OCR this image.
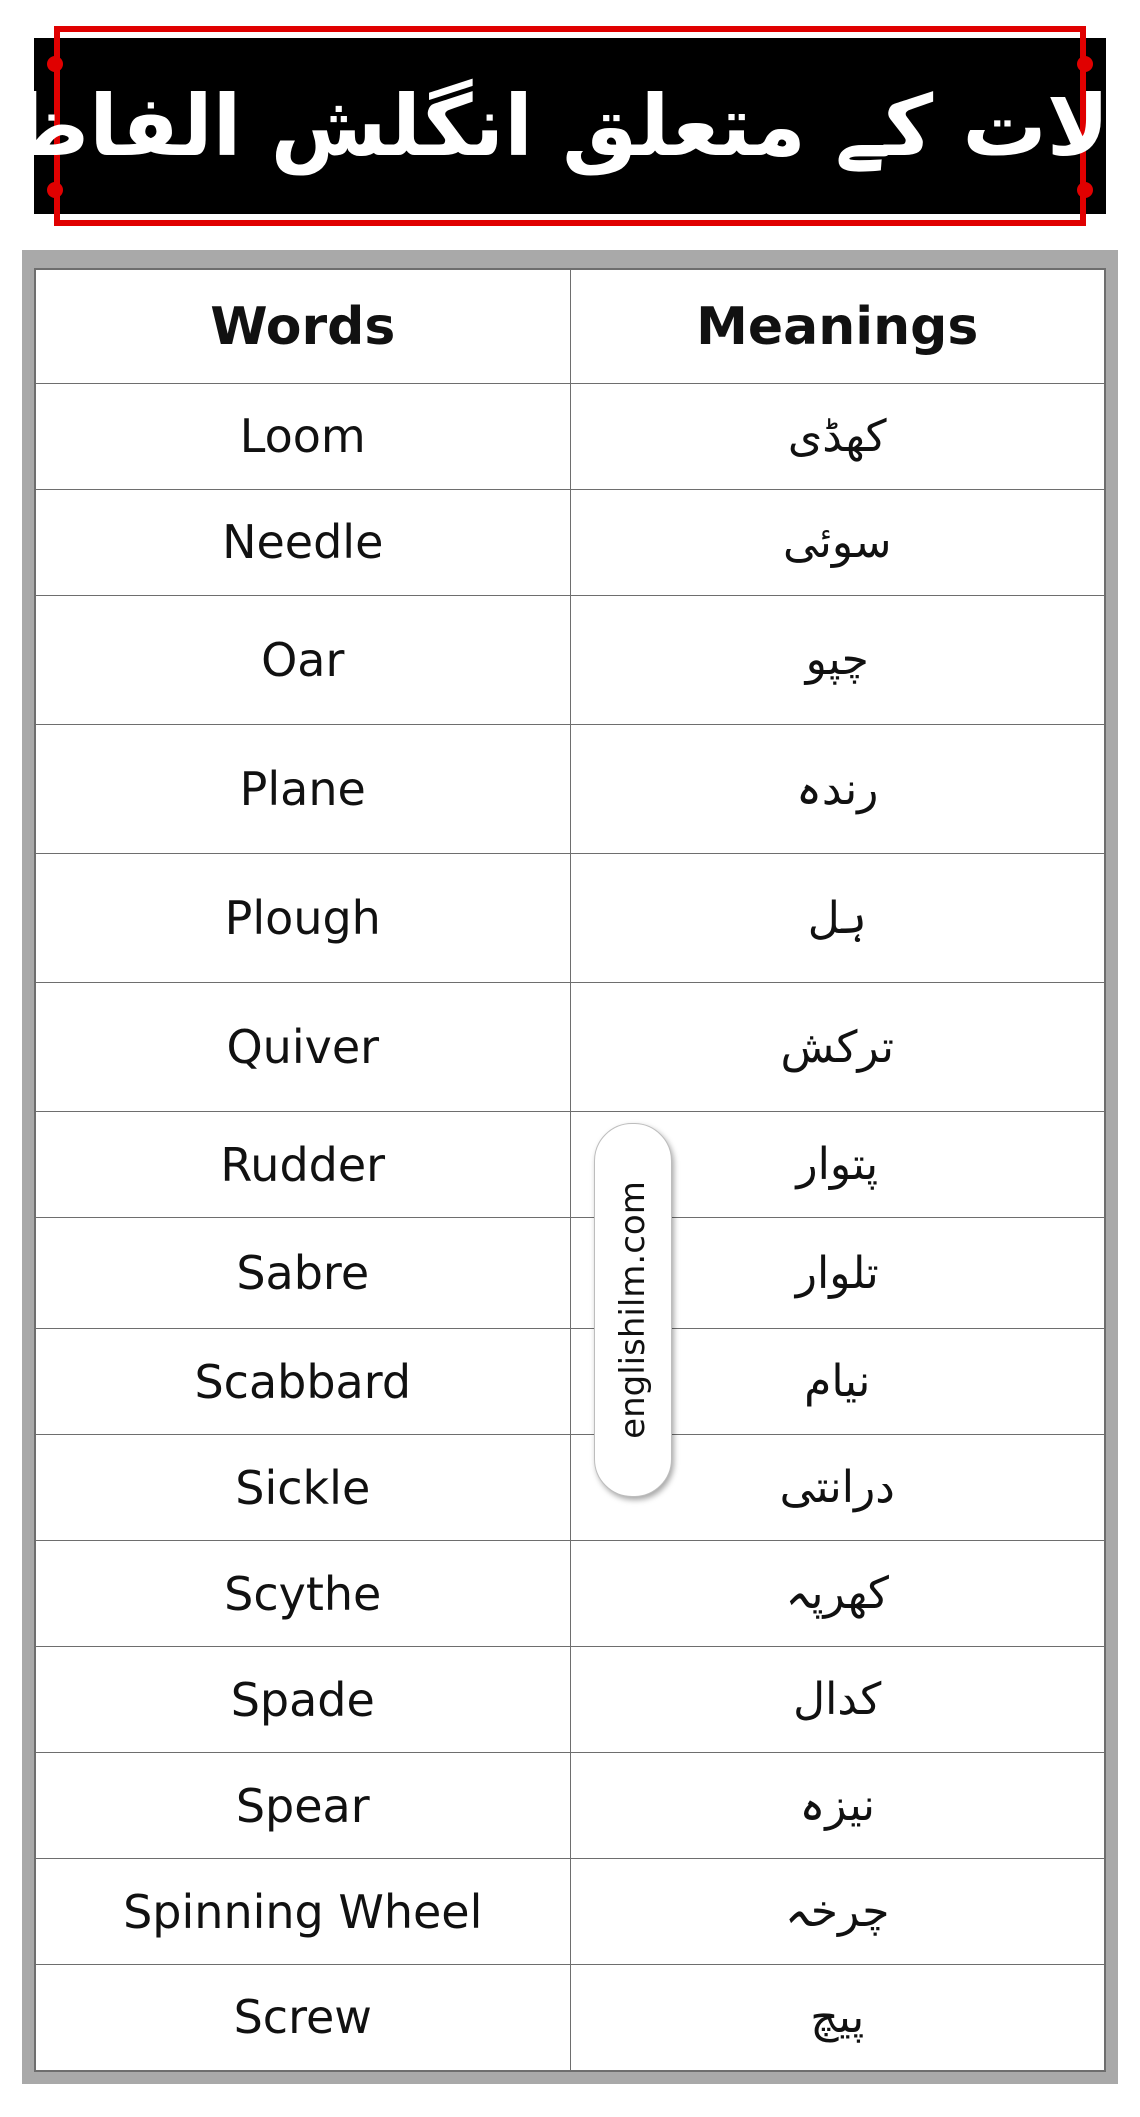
آلات کے متعلق انگلش الفاظ
Words	Meanings
Loom	کھڈی
Needle	سوئی
Oar	چپو
Plane	رندہ
Plough	ہل
Quiver	ترکش
Rudder	پتوار
Sabre	تلوار
Scabbard	نیام
Sickle	درانتی
Scythe	کھرپہ
Spade	کدال
Spear	نیزہ
Spinning Wheel	چرخہ
Screw	پیچ
englishilm.com
